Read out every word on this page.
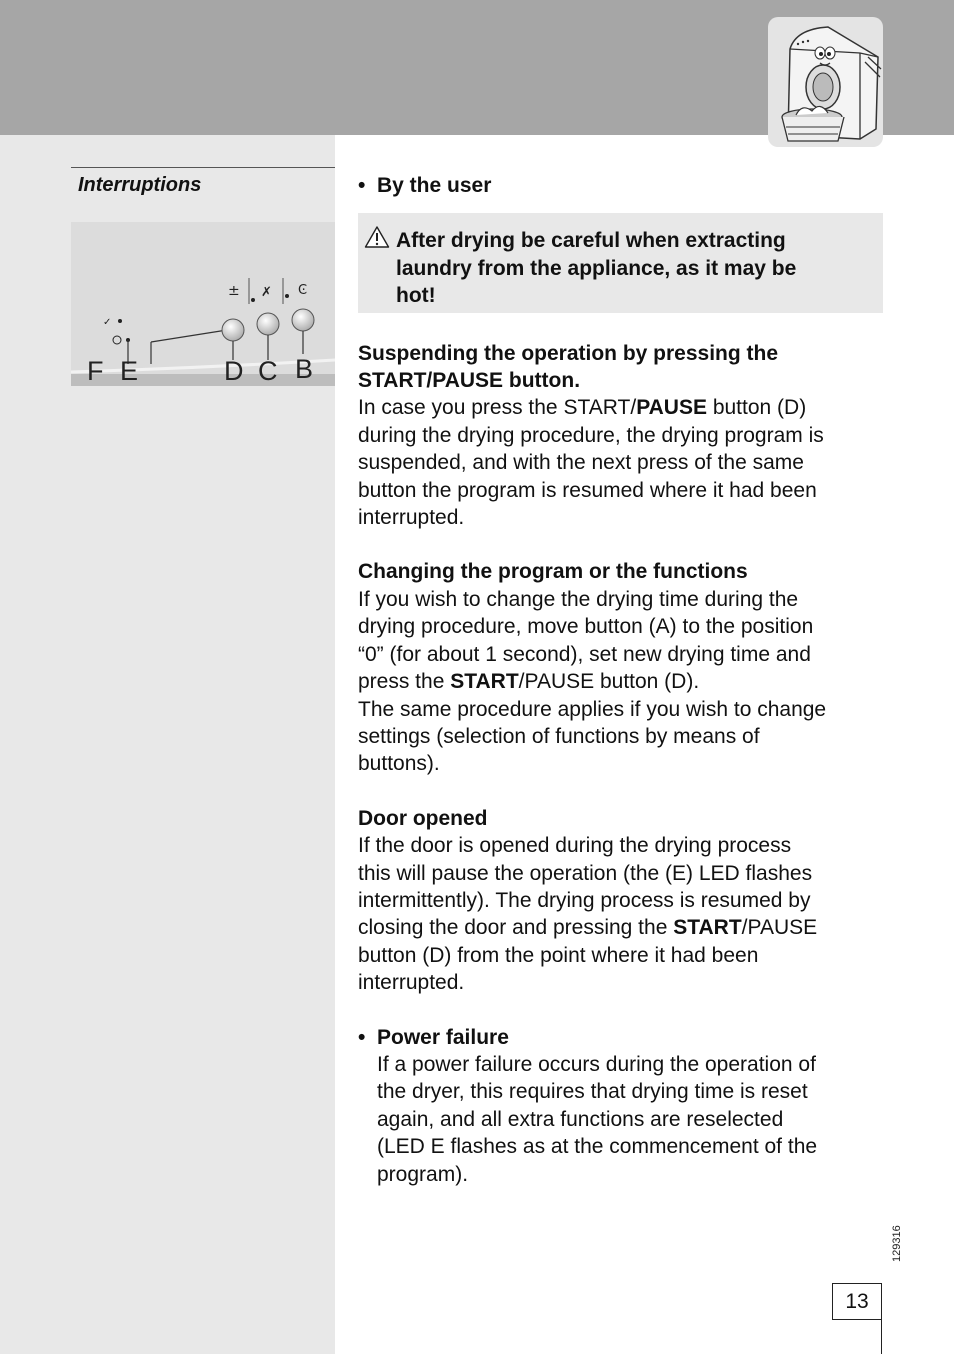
Interruptions
± ✗ Ͼ
✓
F E	D C B

• By the user

After drying be careful when extracting

laundry from the appliance, as it may be

hot!

Suspending the operation by pressing the

START/PAUSE button.

In case you press the START/PAUSE button (D)

during the drying procedure, the drying program is

suspended, and with the next press of the same

button the program is resumed where it had been

interrupted.

Changing the program or the functions

If you wish to change the drying time during the

drying procedure, move button (A) to the position

“0” (for about 1 second), set new drying time and

press the START/PAUSE button (D).

The same procedure applies if you wish to change

settings (selection of functions by means of

buttons).

Door opened

If the door is opened during the drying process

this will pause the operation (the (E) LED flashes

intermittently). The drying process is resumed by

closing the door and pressing the START/PAUSE

button (D) from the point where it had been

interrupted.

• Power failure

If a power failure occurs during the operation of

the dryer, this requires that drying time is reset

again, and all extra functions are reselected

(LED E flashes as at the commencement of the

program).

129316
13
